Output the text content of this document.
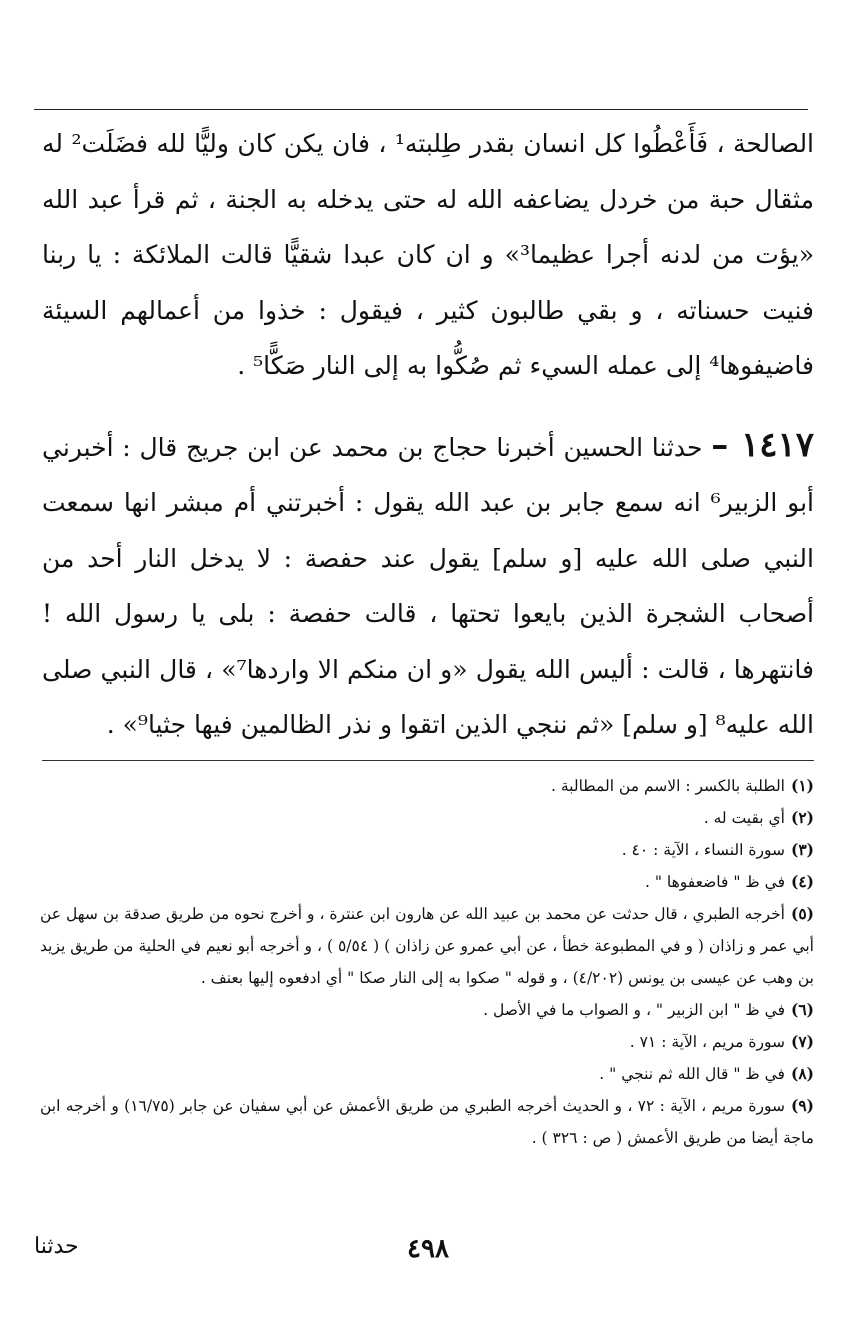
الصالحة ، فَأَعْطُوا كل انسان بقدر طِلبته¹ ، فان يكن كان وليًّا لله فضَلَت² له مثقال حبة من خردل يضاعفه الله له حتى يدخله به الجنة ، ثم قرأ عبد الله «يؤت من لدنه أجرا عظيما³» و ان كان عبدا شقيًّا قالت الملائكة : يا ربنا فنيت حسناته ، و بقي طالبون كثير ، فيقول : خذوا من أعمالهم السيئة فاضيفوها⁴ إلى عمله السيء ثم صُكُّوا به إلى النار صَكًّا⁵ .

١٤١٧ – حدثنا الحسين أخبرنا حجاج بن محمد عن ابن جريج قال : أخبرني أبو الزبير⁶ انه سمع جابر بن عبد الله يقول : أخبرتني أم مبشر انها سمعت النبي صلى الله عليه [و سلم] يقول عند حفصة : لا يدخل النار أحد من أصحاب الشجرة الذين بايعوا تحتها ، قالت حفصة : بلى يا رسول الله ! فانتهرها ، قالت : أليس الله يقول «و ان منكم الا واردها⁷» ، قال النبي صلى الله عليه⁸ [و سلم] «ثم ننجي الذين اتقوا و نذر الظالمين فيها جثيا⁹» .

(١)الطلبة بالكسر : الاسم من المطالبة .

(٢)أي بقيت له .

(٣)سورة النساء ، الآية : ٤٠ .

(٤)في ظ " فاضعفوها " .

(٥)أخرجه الطبري ، قال حدثت عن محمد بن عبيد الله عن هارون ابن عنترة ، و أخرج نحوه من طريق صدقة بن سهل عن أبي عمر و زاذان ( و في المطبوعة خطأ ، عن أبي عمرو عن زاذان ) ( ٥/٥٤ ) ، و أخرجه أبو نعيم في الحلية من طريق يزيد بن وهب عن عيسى بن يونس (٤/٢٠٢) ، و قوله " صكوا به إلى النار صكا " أي ادفعوه إليها بعنف .

(٦)في ظ " ابن الزبير " ، و الصواب ما في الأصل .

(٧)سورة مريم ، الآية : ٧١ .

(٨)في ظ " قال الله ثم ننجي " .

(٩)سورة مريم ، الآية : ٧٢ ، و الحديث أخرجه الطبري من طريق الأعمش عن أبي سفيان عن جابر (١٦/٧٥) و أخرجه ابن ماجة أيضا من طريق الأعمش ( ص : ٣٢٦ ) .

٤٩٨
حدثنا
